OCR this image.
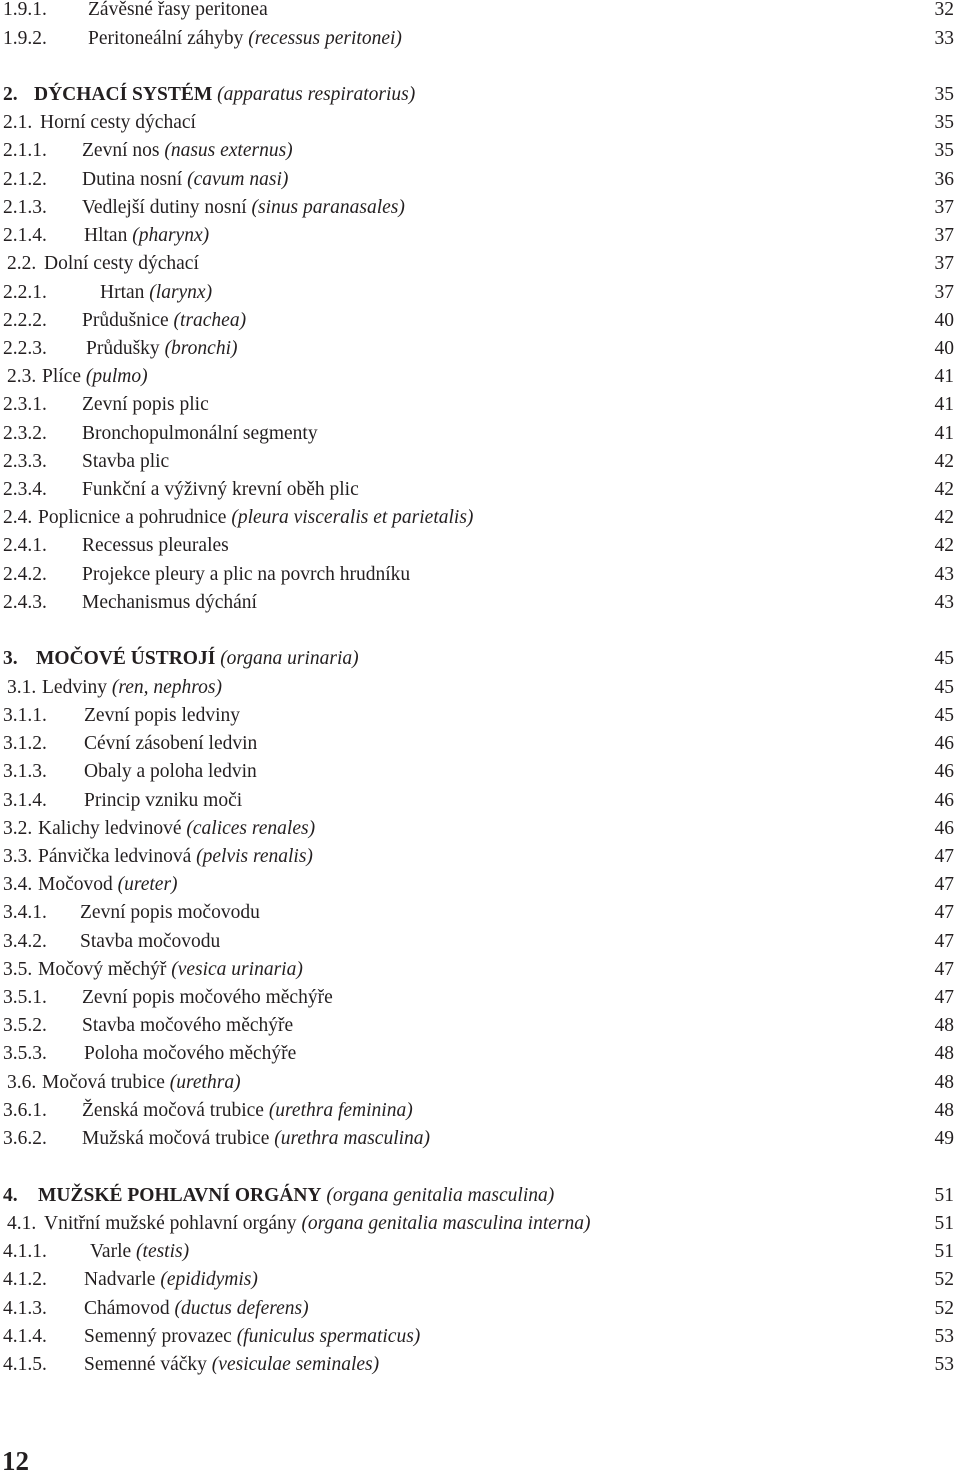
1.9.1. Závěsné řasy peritonea	32
1.9.2. Peritoneální záhyby (recessus peritonei)	33
2. DÝCHACÍ SYSTÉM (apparatus respiratorius)	35
2.1. Horní cesty dýchací	35
2.1.1. Zevní nos (nasus externus)	35
2.1.2. Dutina nosní (cavum nasi)	36
2.1.3. Vedlejší dutiny nosní (sinus paranasales)	37
2.1.4. Hltan (pharynx)	37
2.2. Dolní cesty dýchací	37
2.2.1.	Hrtan (larynx)	37
2.2.2. Průdušnice (trachea)	40
2.2.3. Průdušky (bronchi)	40
2.3. Plíce (pulmo)	41
2.3.1. Zevní popis plic	41
2.3.2. Bronchopulmonální segmenty	41
2.3.3. Stavba plic	42
2.3.4. Funkční a výživný krevní oběh plic	42
2.4. Poplicnice a pohrudnice (pleura visceralis et parietalis)	42
2.4.1. Recessus pleurales	42
2.4.2. Projekce pleury a plic na povrch hrudníku	43
2.4.3. Mechanismus dýchání	43
3. MOČOVÉ ÚSTROJÍ (organa urinaria)	45
3.1. Ledviny (ren, nephros)	45
3.1.1. Zevní popis ledviny	45
3.1.2. Cévní zásobení ledvin	46
3.1.3. Obaly a poloha ledvin	46
3.1.4. Princip vzniku moči	46
3.2. Kalichy ledvinové (calices renales)	46
3.3. Pánvička ledvinová (pelvis renalis)	47
3.4. Močovod (ureter)	47
3.4.1. Zevní popis močovodu	47
3.4.2. Stavba močovodu	47
3.5. Močový měchýř (vesica urinaria)	47
3.5.1. Zevní popis močového měchýře	47
3.5.2. Stavba močového měchýře	48
3.5.3. Poloha močového měchýře	48
3.6. Močová trubice (urethra)	48
3.6.1. Ženská močová trubice (urethra feminina)	48
3.6.2. Mužská močová trubice (urethra masculina)	49
4. MUŽSKÉ POHLAVNÍ ORGÁNY (organa genitalia masculina)	51
4.1. Vnitřní mužské pohlavní orgány (organa genitalia masculina interna)	51
4.1.1. Varle (testis)	51
4.1.2. Nadvarle (epididymis)	52
4.1.3. Chámovod (ductus deferens)	52
4.1.4. Semenný provazec (funiculus spermaticus)	53
4.1.5. Semenné váčky (vesiculae seminales)	53
12
